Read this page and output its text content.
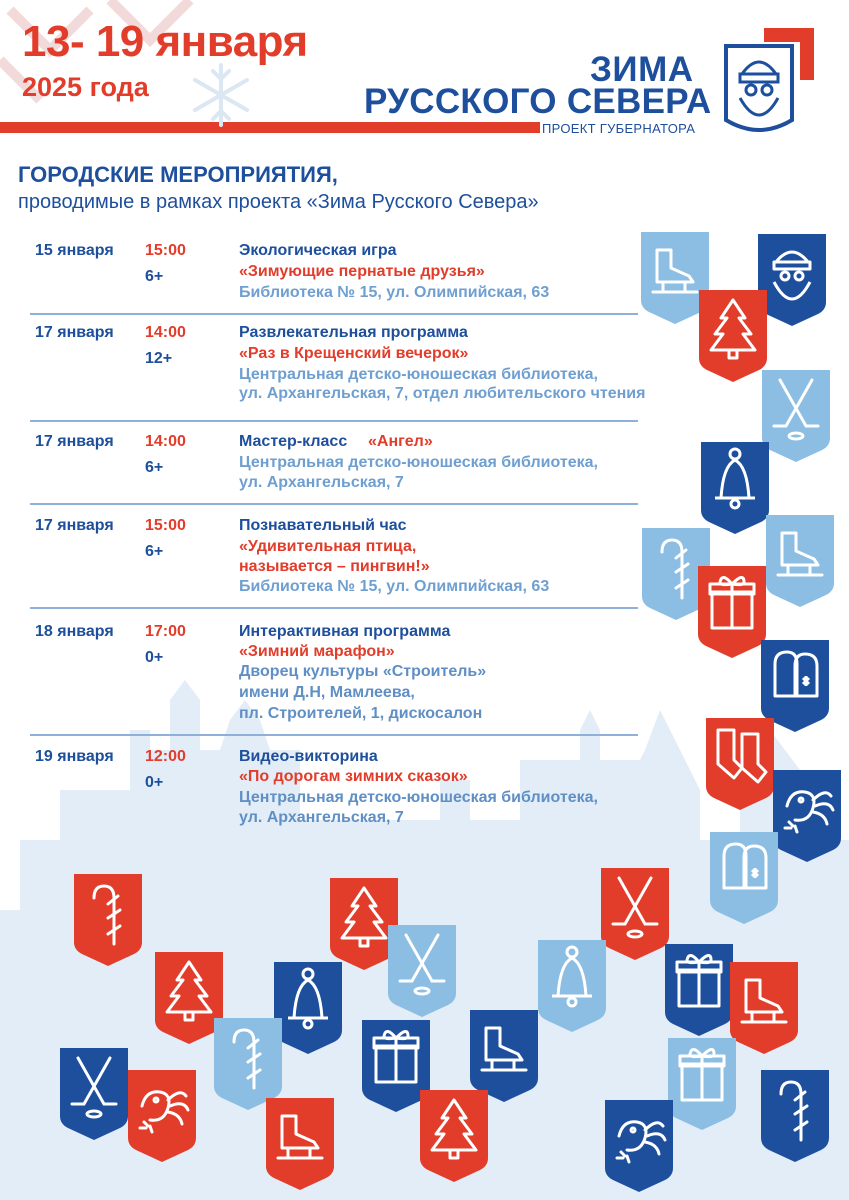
13- 19 января
2025 года	ЗИМА
РУССКОГО СЕВЕРА
ПРОЕКТ ГУБЕРНАТОРА
ГОРОДСКИЕ МЕРОПРИЯТИЯ,
проводимые в рамках проекта «Зима Русского Севера»
15 января 15:00
6+
Экологическая игра
«Зимующие пернатые друзья»
Библиотека № 15, ул. Олимпийская, 63
17 января 14:00
12+
Развлекательная программа
«Раз в Крещенский вечерок»
Центральная детско-юношеская библиотека,
ул. Архангельская, 7, отдел любительского чтения
17 января 14:00
6+
Мастер-класс «Ангел»
Центральная детско-юношеская библиотека,
ул. Архангельская, 7
17 января 15:00
6+
Познавательный час
«Удивительная птица,
называется – пингвин!»
Библиотека № 15, ул. Олимпийская, 63
18 января 17:00
0+
Интерактивная программа
«Зимний марафон»
Дворец культуры «Строитель»
имени Д.Н, Мамлеева,
пл. Строителей, 1, дискосалон
19 января 12:00
0+
Видео-викторина
«По дорогам зимних сказок»
Центральная детско-юношеская библиотека,
ул. Архангельская, 7
